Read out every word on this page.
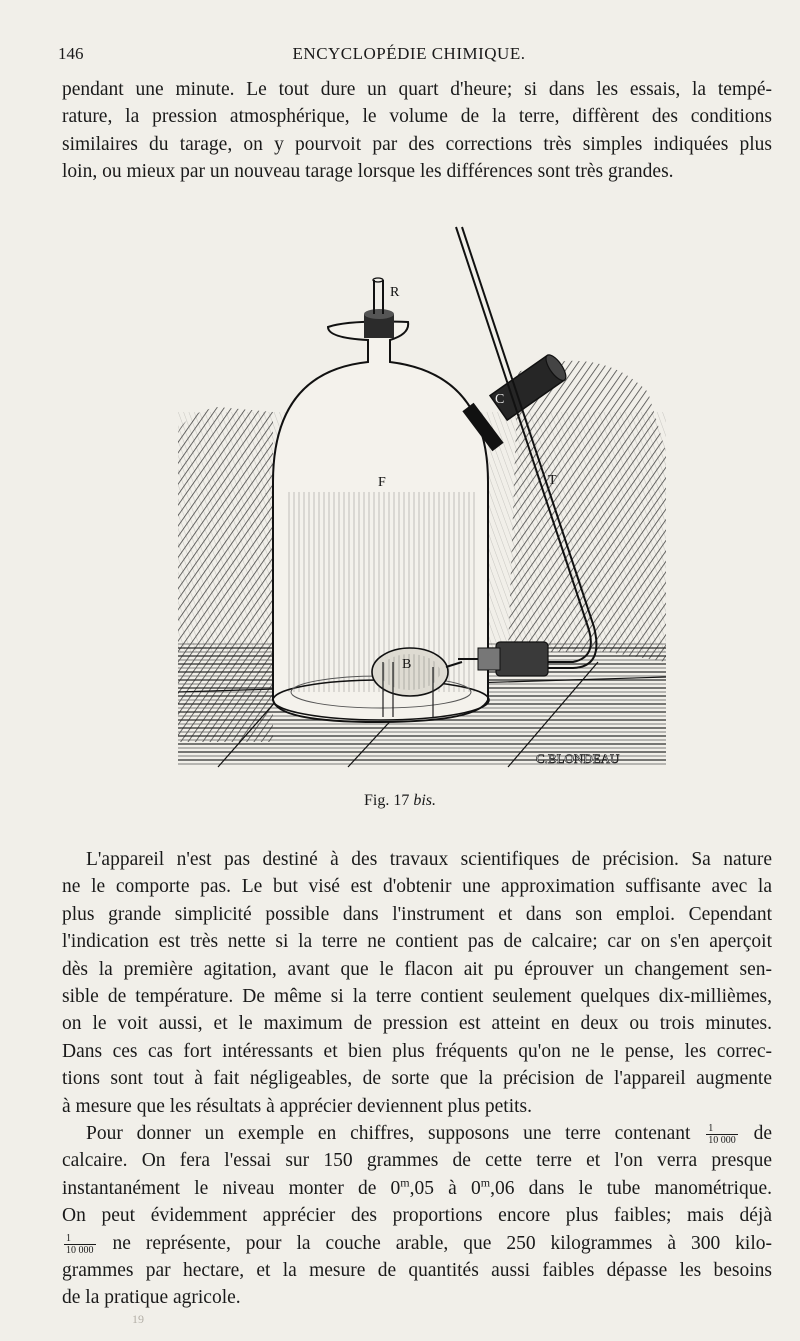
146	ENCYCLOPÉDIE CHIMIQUE.
pendant une minute. Le tout dure un quart d'heure; si dans les essais, la tempé-
rature, la pression atmosphérique, le volume de la terre, diffèrent des conditions
similaires du tarage, on y pourvoit par des corrections très simples indiquées plus
loin, ou mieux par un nouveau tarage lorsque les différences sont très grandes.
R
F
C
T
B
C.BLONDEAU
Fig. 17 bis.
L'appareil n'est pas destiné à des travaux scientifiques de précision. Sa nature
ne le comporte pas. Le but visé est d'obtenir une approximation suffisante avec la
plus grande simplicité possible dans l'instrument et dans son emploi. Cependant
l'indication est très nette si la terre ne contient pas de calcaire; car on s'en aperçoit
dès la première agitation, avant que le flacon ait pu éprouver un changement sen-
sible de température. De même si la terre contient seulement quelques dix-millièmes,
on le voit aussi, et le maximum de pression est atteint en deux ou trois minutes.
Dans ces cas fort intéressants et bien plus fréquents qu'on ne le pense, les correc-
tions sont tout à fait négligeables, de sorte que la précision de l'appareil augmente
à mesure que les résultats à apprécier deviennent plus petits.
Pour donner un exemple en chiffres, supposons une terre contenant $\frac{1}{10 000}$ de
calcaire. On fera l'essai sur 150 grammes de cette terre et l'on verra presque
instantanément le niveau monter de 0$^m$,05 à 0$^m$,06 dans le tube manométrique.
On peut évidemment apprécier des proportions encore plus faibles; mais déjà
$\frac{1}{10 000}$ ne représente, pour la couche arable, que 250 kilogrammes à 300 kilo-
grammes par hectare, et la mesure de quantités aussi faibles dépasse les besoins
de la pratique agricole.
19
